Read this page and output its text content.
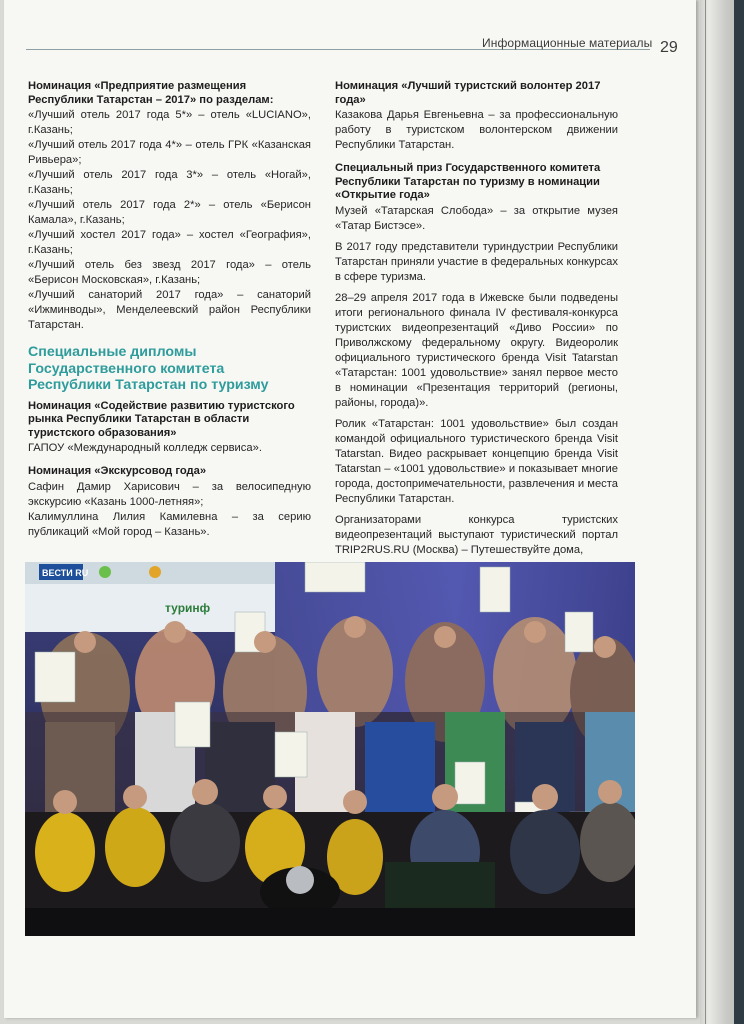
Информационные материалы 29
Номинация «Предприятие размещения Республики Татарстан – 2017» по разделам:

«Лучший отель 2017 года 5*» – отель «LUCIANO», г.Казань;

«Лучший отель 2017 года 4*» – отель ГРК «Казанская Ривьера»;

«Лучший отель 2017 года 3*» – отель «Ногай», г.Казань;

«Лучший отель 2017 года 2*» – отель «Берисон Камала», г.Казань;

«Лучший хостел 2017 года» – хостел «География», г.Казань;

«Лучший отель без звезд 2017 года» – отель «Берисон Московская», г.Казань;

«Лучший санаторий 2017 года» – санаторий «Ижминводы», Менделеевский район Республики Татарстан.

Специальные дипломы Государственного комитета Республики Татарстан по туризму
Номинация «Содействие развитию туристского рынка Республики Татарстан в области туристского образования»

ГАПОУ «Международный колледж сервиса».

Номинация «Экскурсовод года»

Сафин Дамир Харисович – за велосипедную экскурсию «Казань 1000-летняя»;

Калимуллина Лилия Камилевна – за серию публикаций «Мой город – Казань».

Номинация «Лучший туристский волонтер 2017 года»

Казакова Дарья Евгеньевна – за профессиональную работу в туристском волонтерском движении Республики Татарстан.

Специальный приз Государственного комитета Республики Татарстан по туризму в номинации «Открытие года»

Музей «Татарская Слобода» – за открытие музея «Татар Бистэсе».

В 2017 году представители туриндустрии Республики Татарстан приняли участие в федеральных конкурсах в сфере туризма.

28–29 апреля 2017 года в Ижевске были подведены итоги регионального финала IV фестиваля-конкурса туристских видеопрезентаций «Диво России» по Приволжскому федеральному округу. Видеоролик официального туристического бренда Visit Tatarstan «Татарстан: 1001 удовольствие» занял первое место в номинации «Презентация территорий (регионы, районы, города)».

Ролик «Татарстан: 1001 удовольствие» был создан командой официального туристического бренда Visit Tatarstan. Видео раскрывает концепцию бренда Visit Tatarstan – «1001 удовольствие» и показывает многие города, достопримечательности, развлечения и места Республики Татарстан.

Организаторами конкурса туристских видеопрезентаций выступают туристический портал TRIP2RUS.RU (Москва) – Путешествуйте дома,

ВЕСТИ RU
туринф
